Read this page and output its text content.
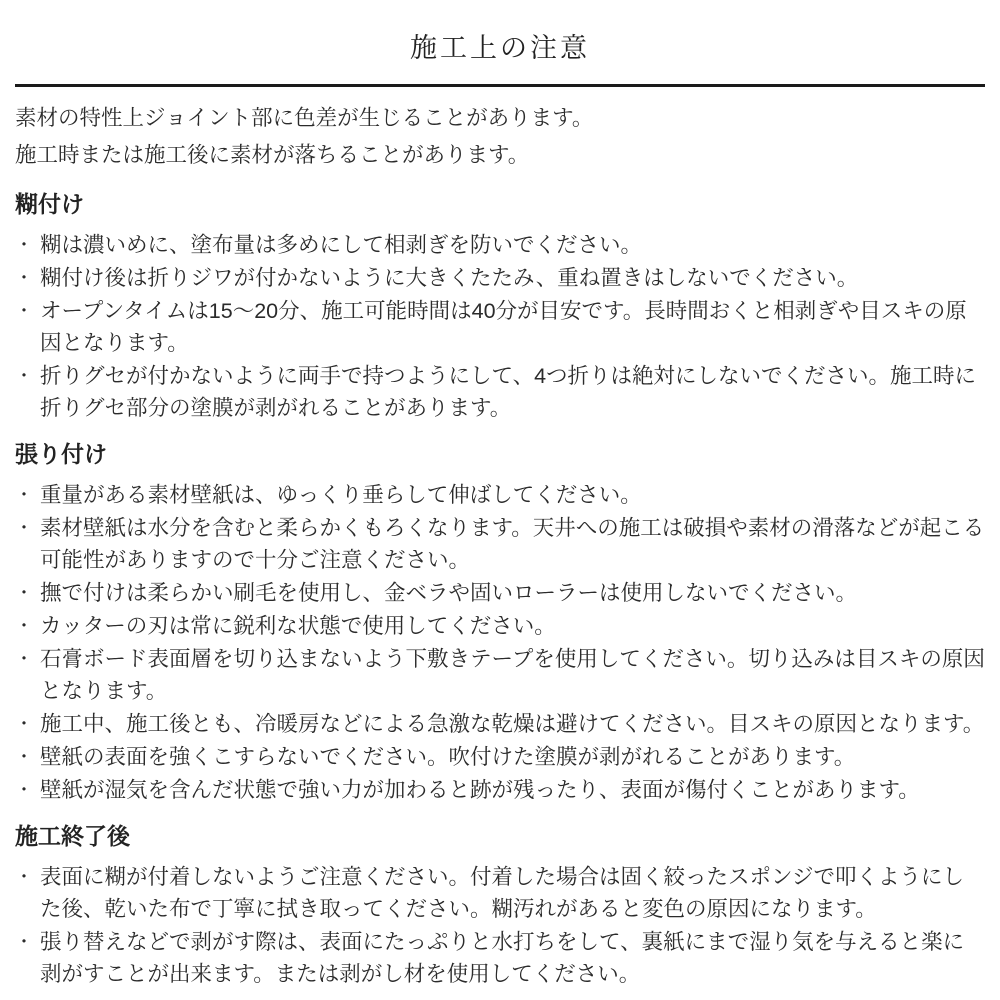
施工上の注意

素材の特性上ジョイント部に色差が生じることがあります。

施工時または施工後に素材が落ちることがあります。

糊付け
・ 糊は濃いめに、塗布量は多めにして相剥ぎを防いでください。
・ 糊付け後は折りジワが付かないように大きくたたみ、重ね置きはしないでください。
・ オープンタイムは15〜20分、施工可能時間は40分が目安です。長時間おくと相剥ぎや目スキの原因となります。
・ 折りグセが付かないように両手で持つようにして、4つ折りは絶対にしないでください。施工時に折りグセ部分の塗膜が剥がれることがあります。
張り付け
・ 重量がある素材壁紙は、ゆっくり垂らして伸ばしてください。
・ 素材壁紙は水分を含むと柔らかくもろくなります。天井への施工は破損や素材の滑落などが起こる可能性がありますので十分ご注意ください。
・ 撫で付けは柔らかい刷毛を使用し、金ベラや固いローラーは使用しないでください。
・ カッターの刃は常に鋭利な状態で使用してください。
・ 石膏ボード表面層を切り込まないよう下敷きテープを使用してください。切り込みは目スキの原因となります。
・ 施工中、施工後とも、冷暖房などによる急激な乾燥は避けてください。目スキの原因となります。
・ 壁紙の表面を強くこすらないでください。吹付けた塗膜が剥がれることがあります。
・ 壁紙が湿気を含んだ状態で強い力が加わると跡が残ったり、表面が傷付くことがあります。
施工終了後
・ 表面に糊が付着しないようご注意ください。付着した場合は固く絞ったスポンジで叩くようにした後、乾いた布で丁寧に拭き取ってください。糊汚れがあると変色の原因になります。
・ 張り替えなどで剥がす際は、表面にたっぷりと水打ちをして、裏紙にまで湿り気を与えると楽に剥がすことが出来ます。または剥がし材を使用してください。
